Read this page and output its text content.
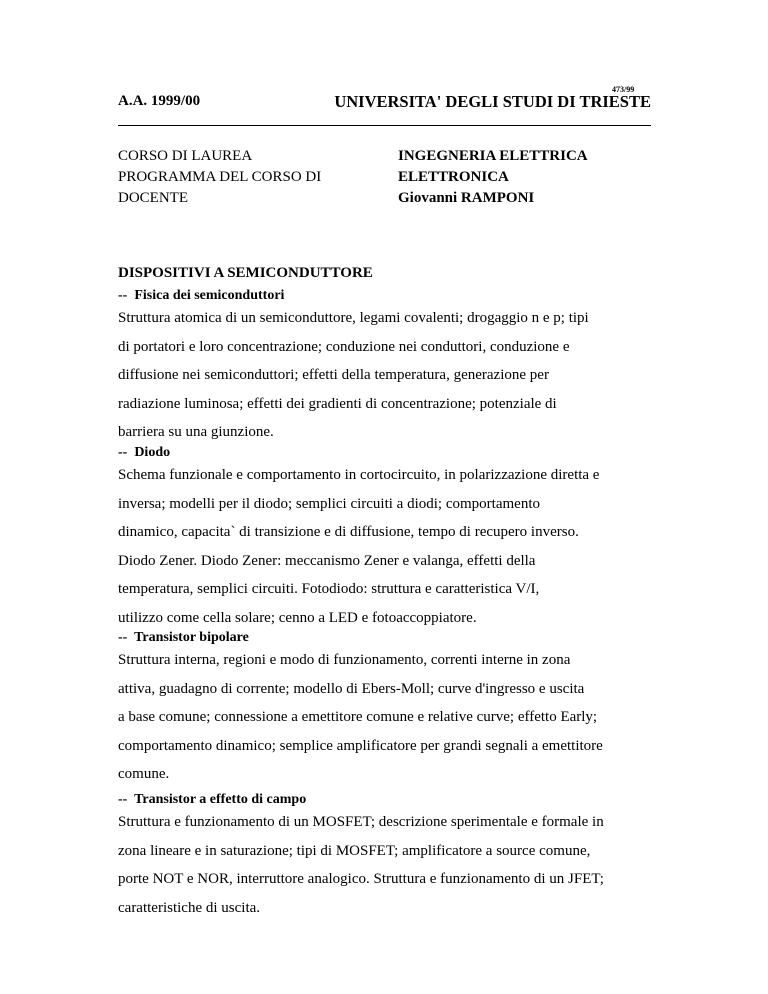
473/99
A.A. 1999/00	UNIVERSITA' DEGLI STUDI DI TRIESTE
CORSO DI LAUREA
PROGRAMMA DEL CORSO DI
DOCENTE
INGEGNERIA ELETTRICA
ELETTRONICA
Giovanni RAMPONI
DISPOSITIVI A SEMICONDUTTORE
--  Fisica dei semiconduttori
Struttura atomica di un semiconduttore, legami covalenti; drogaggio n e p; tipi
di portatori e loro concentrazione; conduzione nei conduttori, conduzione e
diffusione nei semiconduttori; effetti della temperatura, generazione per
radiazione luminosa; effetti dei gradienti di concentrazione; potenziale di
barriera su una giunzione.
--  Diodo
Schema funzionale e comportamento in cortocircuito, in polarizzazione diretta e
inversa; modelli per il diodo; semplici circuiti a diodi; comportamento
dinamico, capacita` di transizione e di diffusione, tempo di recupero inverso.
Diodo Zener. Diodo Zener: meccanismo Zener e valanga, effetti della
temperatura, semplici circuiti. Fotodiodo: struttura e caratteristica V/I,
utilizzo come cella solare; cenno a LED e fotoaccoppiatore.
--  Transistor bipolare
Struttura interna, regioni e modo di funzionamento, correnti interne in zona
attiva, guadagno di corrente; modello di Ebers-Moll; curve d'ingresso e uscita
a base comune; connessione a emettitore comune e relative curve; effetto Early;
comportamento dinamico; semplice amplificatore per grandi segnali a emettitore
comune.
--  Transistor a effetto di campo
Struttura e funzionamento di un MOSFET; descrizione sperimentale e formale in
zona lineare e in saturazione; tipi di MOSFET; amplificatore a source comune,
porte NOT e NOR, interruttore analogico. Struttura e funzionamento di un JFET;
caratteristiche di uscita.
